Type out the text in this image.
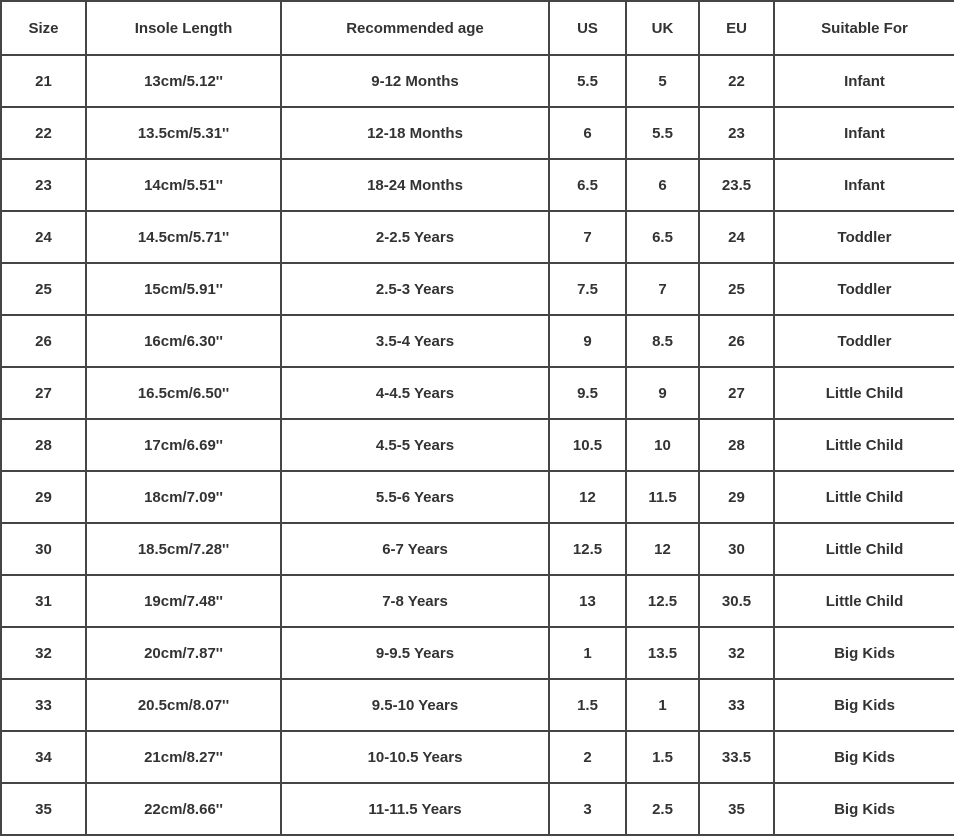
Size	Insole Length	Recommended age	US	UK	EU	Suitable For
21	13cm/5.12''	9-12 Months	5.5	5	22	Infant
22	13.5cm/5.31''	12-18 Months	6	5.5	23	Infant
23	14cm/5.51''	18-24 Months	6.5	6	23.5	Infant
24	14.5cm/5.71''	2-2.5 Years	7	6.5	24	Toddler
25	15cm/5.91''	2.5-3 Years	7.5	7	25	Toddler
26	16cm/6.30''	3.5-4 Years	9	8.5	26	Toddler
27	16.5cm/6.50''	4-4.5 Years	9.5	9	27	Little Child
28	17cm/6.69''	4.5-5 Years	10.5	10	28	Little Child
29	18cm/7.09''	5.5-6 Years	12	11.5	29	Little Child
30	18.5cm/7.28''	6-7 Years	12.5	12	30	Little Child
31	19cm/7.48''	7-8 Years	13	12.5	30.5	Little Child
32	20cm/7.87''	9-9.5 Years	1	13.5	32	Big Kids
33	20.5cm/8.07''	9.5-10 Years	1.5	1	33	Big Kids
34	21cm/8.27''	10-10.5 Years	2	1.5	33.5	Big Kids
35	22cm/8.66''	11-11.5 Years	3	2.5	35	Big Kids
